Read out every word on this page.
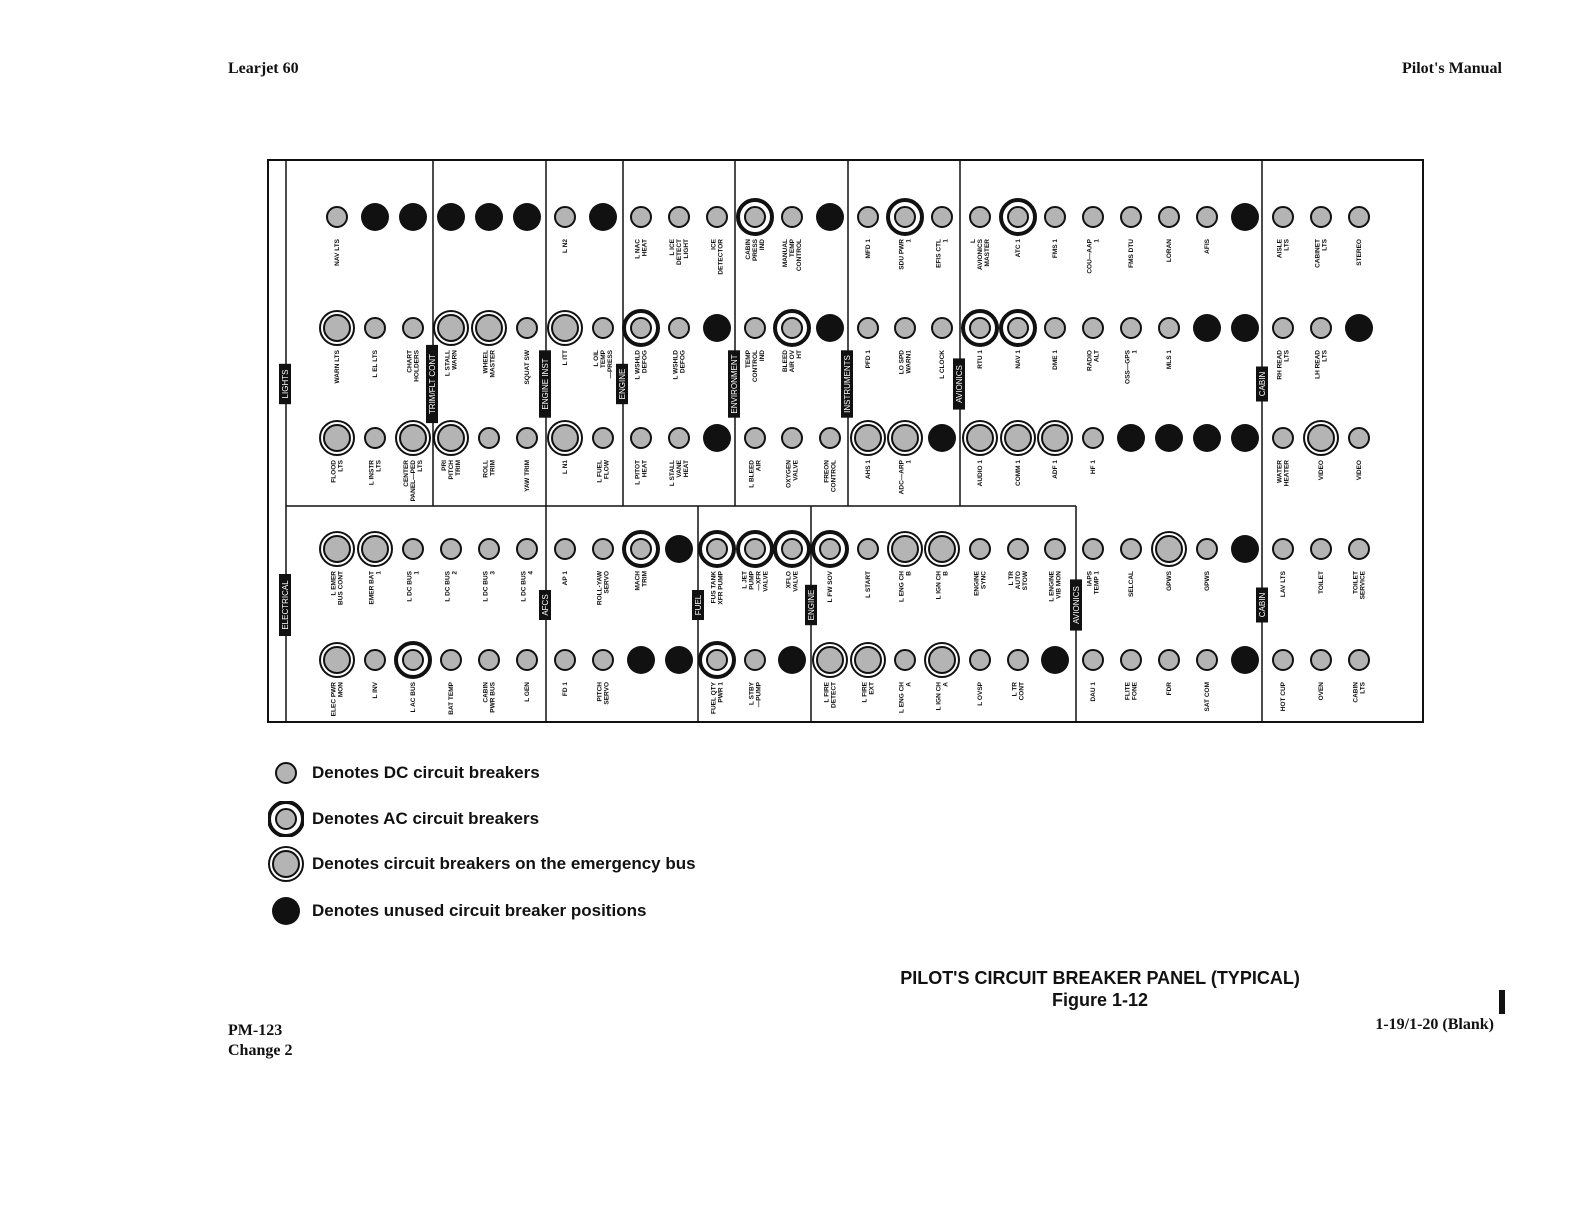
Learjet 60	Pilot's Manual
LIGHTS	TRIM/FLT CONT	ENGINE INST	ENGINE	ENVIRONMENT	INSTRUMENTS	AVIONICS	CABIN
ELECTRICAL	AFCS	FUEL	ENGINE	AVIONICS	CABIN
NAV LTS	L N2	L NAC HEAT	L ICE DETECT LIGHT	ICE DETECTOR	CABIN PRESS IND MANUAL TEMP CONTROL	MFD 1	SDU PWR 1	EFIS CTL 1	L AVIONICS MASTER	ATC 1	FMS 1	COU—AAP 1	FMS DTU	LORAN	AFIS	AISLE LTS	CABINET LTS	STEREO
WARN LTS	L EL LTS	CHART HOLDERS	L STALL WARN	WHEEL MASTER	SQUAT SW	L ITT	L OIL TEMP —PRESS	L WSHLD DEFOG	L WSHLD DEFOG	TEMP CONTROL IND BLEED AIR OV HT	PFD 1	LO SPD WARN1	L CLOCK	RTU 1	NAV 1	DME 1	RADIO ALT	OSS—GPS 1	MLS 1	RH READ LTS	LH READ LTS
FLOOD LTS	L INSTR LTS	CENTER PANEL—PED LTS	PRI PITCH TRIM	ROLL TRIM	YAW TRIM	L N1	L FUEL FLOW	L PITOT HEAT	L STALL VANE HEAT	L BLEED AIR	OXYGEN VALVE	FREON CONTROL	AHS 1	ADC—ARP 1	AUDIO 1	COMM 1	ADF 1	HF 1	WATER HEATER	VIDEO	VIDEO
L EMER BUS CONT	EMER BAT 1	L DC BUS 1	L DC BUS 2	L DC BUS 3	L DC BUS 4	AP 1	ROLL-YAW SERVO	MACH TRIM	FUS TANK XFR PUMP	L JET PUMP —XFR VALVE XFLO VALVE	L FW SOV	L START	L ENG CH B	L IGN CH B	ENGINE SYNC	L TR AUTO STOW	L ENGINE VIB MON	IAPS TEMP 1	SELCAL	GPWS	GPWS	LAV LTS	TOILET	TOILET SERVICE
ELEC PWR MON	L INV	L AC BUS	BAT TEMP	CABIN PWR BUS	L GEN	FD 1	PITCH SERVO	FUEL QTY PWR 1	L STBY —PUMP	L FIRE DETECT	L FIRE EXT	L ENG CH A	L IGN CH A	L OVSP	L TR CONT	DAU 1	FLITE FONE	FDR	SAT COM	HOT CUP	OVEN	CABIN LTS
Denotes DC circuit breakers
Denotes AC circuit breakers
Denotes circuit breakers on the emergency bus
Denotes unused circuit breaker positions
PILOT'S CIRCUIT BREAKER PANEL (TYPICAL)
Figure 1-12
PM-123
Change 2
1-19/1-20 (Blank)
